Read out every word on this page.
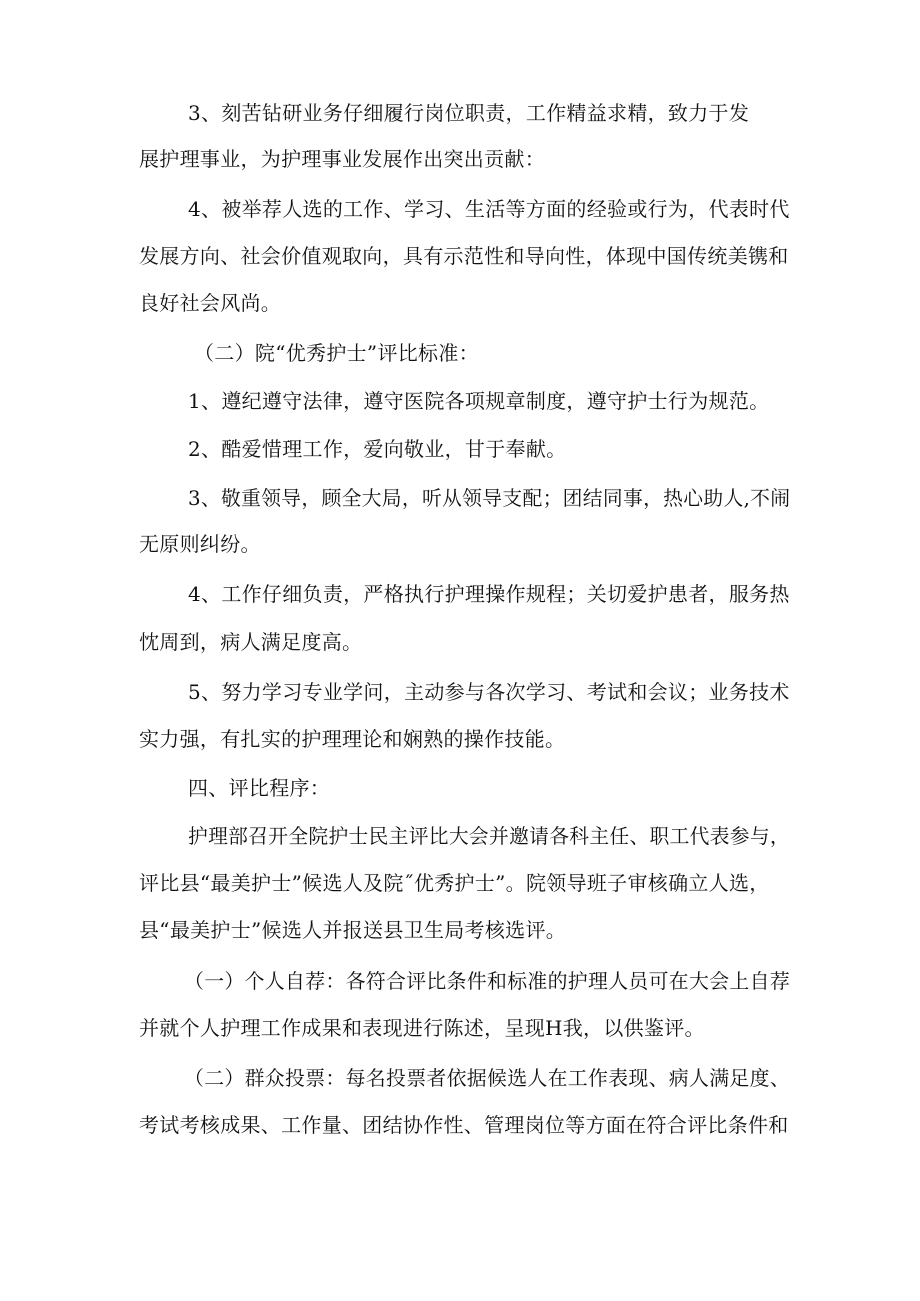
3、刻苦钻研业务仔细履行岗位职责，工作精益求精，致力于发
展护理事业，为护理事业发展作出突出贡献：
4、被举荐人选的工作、学习、生活等方面的经验或行为，代表时代
发展方向、社会价值观取向，具有示范性和导向性，体现中国传统美镌和
良好社会风尚。
（二）院“优秀护士”评比标准：
1、遵纪遵守法律，遵守医院各项规章制度，遵守护士行为规范。
2、酷爱惜理工作，爱向敬业，甘于奉献。
3、敬重领导，顾全大局，听从领导支配；团结同事，热心助人,不闹
无原则纠纷。
4、工作仔细负责，严格执行护理操作规程；关切爱护患者，服务热
忱周到，病人满足度高。
5、努力学习专业学问，主动参与各次学习、考试和会议；业务技术
实力强，有扎实的护理理论和娴熟的操作技能。
四、评比程序：
护理部召开全院护士民主评比大会并邀请各科主任、职工代表参与，
评比县“最美护士”候选人及院˝优秀护士”。院领导班子审核确立人选，
县“最美护士”候选人并报送县卫生局考核选评。
（一）个人自荐：各符合评比条件和标准的护理人员可在大会上自荐
并就个人护理工作成果和表现进行陈述，呈现H我，以供鉴评。
（二）群众投票：每名投票者依据候选人在工作表现、病人满足度、
考试考核成果、工作量、团结协作性、管理岗位等方面在符合评比条件和
